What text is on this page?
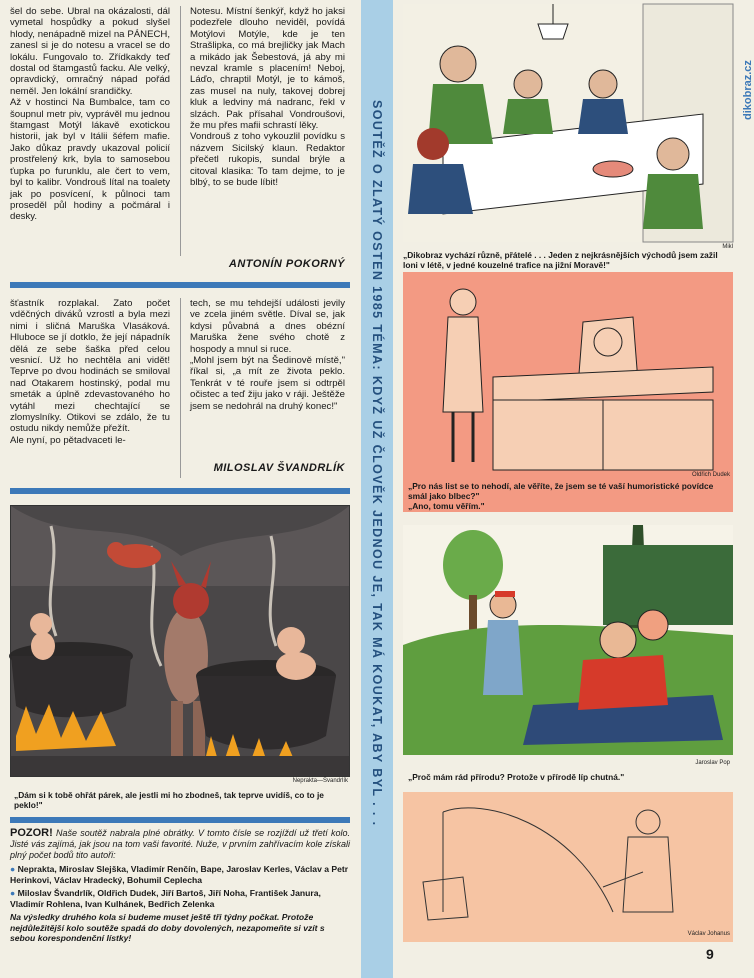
šel do sebe. Ubral na okázalosti, dál vymetal hospůdky a pokud slyšel hlody, nenápadně mizel na PÁNECH, zanesl si je do notesu a vracel se do lokálu. Fungovalo to. Zřídkakdy teď dostal od štamgastů facku. Ale velký, opravdický, omračný nápad pořád neměl. Jen lokální srandičky.
Až v hostinci Na Bumbalce, tam co šoupnul metr piv, vyprávěl mu jednou štamgast Motýl lákavě exotickou historii, jak byl v Itálii šéfem mafie. Jako důkaz pravdy ukazoval policií prostřelený krk, byla to samosebou ťupka po furunklu, ale čert to vem, byl to kalibr. Vondrouš lítal na toalety jak po posvícení, k půlnoci tam proseděl půl hodiny a počmáral i desky.
Notesu. Místní šenkýř, když ho jaksi podezřele dlouho neviděl, povídá Motýlovi Motýle, kde je ten Strašlipka, co má brejličky jak Mach a mikádo jak Šebestová, já aby mi nevzal kramle s placením! Neboj, Láďo, chraptil Motýl, je to kámoš, zas musel na nuly, takovej dobrej kluk a ledviny má nadranc, řekl v slzách. Pak přísahal Vondroušovi, že mu přes mafii schrastí lěky.
Vondrouš z toho vykouzlil povídku s názvem Sicilský klaun. Redaktor přečetl rukopis, sundal brýle a citoval klasika: To tam dejme, to je blbý, to se bude líbit!
ANTONÍN POKORNÝ
šťastník rozplakal. Zato počet vděčných diváků vzrostl a byla mezi nimi i sličná Maruška Vlasáková. Hluboce se jí dotklo, že její nápadník dělá ze sebe šaška před celou vesnicí. Už ho nechtěla ani vidět! Teprve po dvou hodinách se smiloval nad Otakarem hostinský, podal mu smeták a úplně zdevastovaného ho vytáhl mezi chechtající se zlomyslníky. Otikovi se zdálo, že tu ostudu nikdy nemůže přežít.
Ale nyní, po pětadvaceti le-
tech, se mu tehdejší události jevily ve zcela jiném světle. Díval se, jak kdysi půvabná a dnes obézní Maruška žene svého chotě z hospody a mnul si ruce.
„Mohl jsem být na Šedinově místě," říkal si, „a mít ze života peklo. Tenkrát v té rouře jsem si odtrpěl očistec a teď žiju jako v ráji. Ještěže jsem se nedohrál na druhý konec!"
MILOSLAV ŠVANDRLÍK
Neprakta—Švandrlík
„Dám si k tobě ohřát párek, ale jestli mi ho zbodneš, tak teprve uvidíš, co to je peklo!"
POZOR! Naše soutěž nabrala plné obrátky. V tomto čísle se rozjíždí už třetí kolo. Jisté vás zajímá, jak jsou na tom vaši favorité. Nuže, v prvním zahřívacím kole získali plný počet bodů tito autoři:
● Neprakta, Miroslav Slejška, Vladimír Renčín, Bape, Jaroslav Kerles, Václav a Petr Herinkovi, Václav Hradecký, Bohumil Ceplecha
● Miloslav Švandrlík, Oldřich Dudek, Jiří Bartoš, Jiří Noha, František Janura, Vladimír Rohlena, Ivan Kulhánek, Bedřich Zelenka
Na výsledky druhého kola si budeme muset ještě tři týdny počkat. Protože nejdůležitější kolo soutěže spadá do doby dovolených, nezapomeňte si vzít s sebou korespondenční lístky!
SOUTĚŽ O ZLATÝ OSTEN 1985 TÉMA: KDYŽ UŽ ČLOVĚK JEDNOU JE, TAK MÁ KOUKAT, ABY BYL . . .	Mikl
„Dikobraz vychází různě, přátelé . . . Jeden z nejkrásnějších východů jsem zažil loni v létě, v jedné kouzelné trafice na jižní Moravě!"
Oldřich Dudek
„Pro nás list se to nehodí, ale věříte, že jsem se té vaší humoristické povídce smál jako blbec?"
„Ano, tomu věřím."
Jaroslav Pop
„Proč mám rád přírodu? Protože v přírodě líp chutná."
Václav Johanus
9
dikobraz.cz
